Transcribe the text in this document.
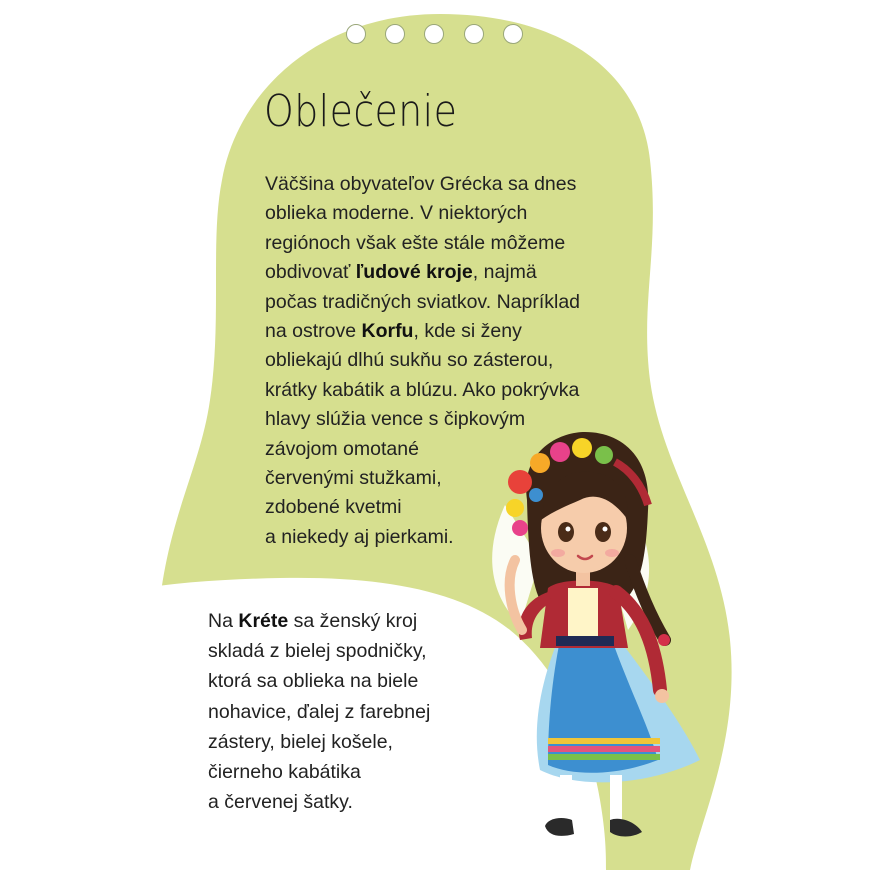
Oblečenie

Väčšina obyvateľov Grécka sa dnes
oblieka moderne. V niektorých
regiónoch však ešte stále môžeme
obdivovať ľudové kroje, najmä
počas tradičných sviatkov. Napríklad
na ostrove Korfu, kde si ženy
obliekajú dlhú sukňu so zásterou,
krátky kabátik a blúzu. Ako pokrývka
hlavy slúžia vence s čipkovým
závojom omotané
červenými stužkami,
zdobené kvetmi
a niekedy aj pierkami.

Na Kréte sa ženský kroj
skladá z bielej spodničky,
ktorá sa oblieka na biele
nohavice, ďalej z farebnej
zástery, bielej košele,
čierneho kabátika
a červenej šatky.
